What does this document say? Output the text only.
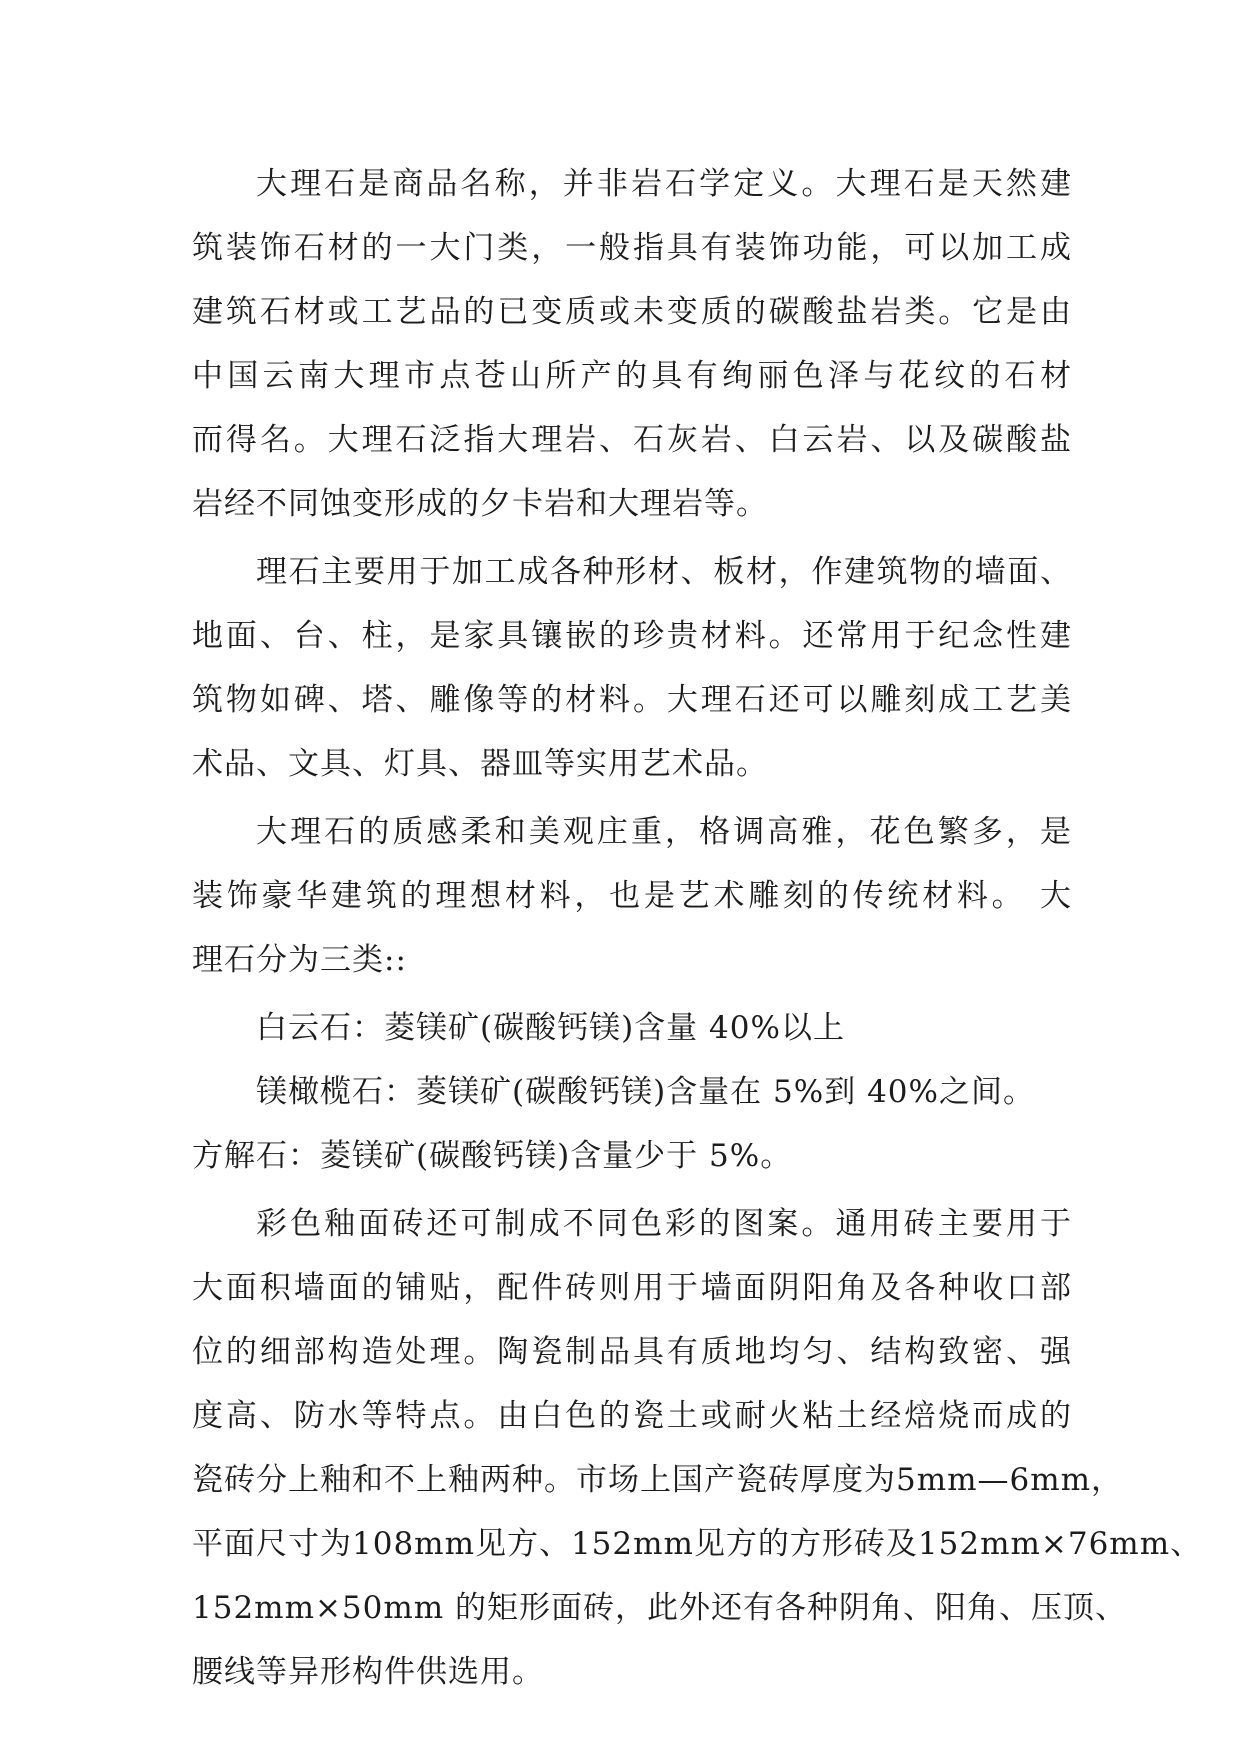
大理石是商品名称，并非岩石学定义。大理石是天然建
筑装饰石材的一大门类，一般指具有装饰功能，可以加工成
建筑石材或工艺品的已变质或未变质的碳酸盐岩类。它是由
中国云南大理市点苍山所产的具有绚丽色泽与花纹的石材
而得名。大理石泛指大理岩、石灰岩、白云岩、以及碳酸盐
岩经不同蚀变形成的夕卡岩和大理岩等。
理石主要用于加工成各种形材、板材，作建筑物的墙面、
地面、台、柱，是家具镶嵌的珍贵材料。还常用于纪念性建
筑物如碑、塔、雕像等的材料。大理石还可以雕刻成工艺美
术品、文具、灯具、器皿等实用艺术品。
大理石的质感柔和美观庄重，格调高雅，花色繁多，是
装饰豪华建筑的理想材料，也是艺术雕刻的传统材料。 大
理石分为三类::
白云石：菱镁矿(碳酸钙镁)含量 40%以上
镁橄榄石：菱镁矿(碳酸钙镁)含量在 5%到 40%之间。
方解石：菱镁矿(碳酸钙镁)含量少于 5%。
彩色釉面砖还可制成不同色彩的图案。通用砖主要用于
大面积墙面的铺贴，配件砖则用于墙面阴阳角及各种收口部
位的细部构造处理。陶瓷制品具有质地均匀、结构致密、强
度高、防水等特点。由白色的瓷土或耐火粘土经焙烧而成的
瓷砖分上釉和不上釉两种。市场上国产瓷砖厚度为5mm—6mm，
平面尺寸为108mm见方、152mm见方的方形砖及152mm×76mm、
152mm×50mm 的矩形面砖，此外还有各种阴角、阳角、压顶、
腰线等异形构件供选用。
